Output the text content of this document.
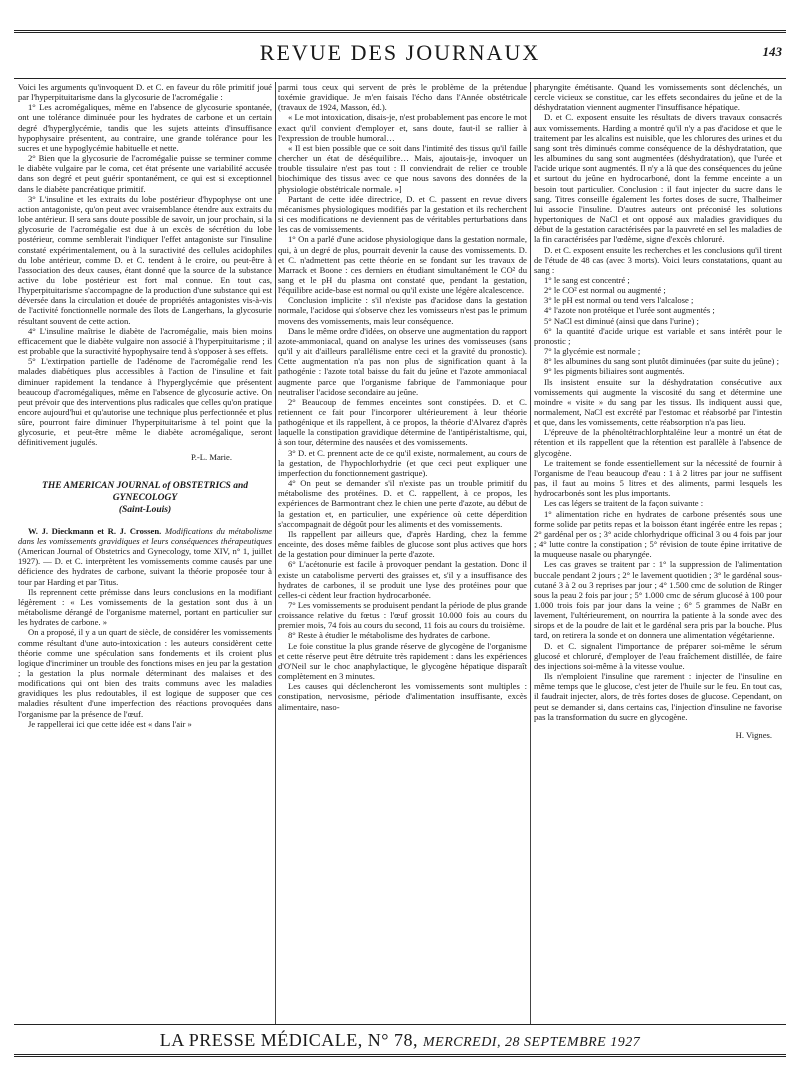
REVUE DES JOURNAUX	143

Voici les arguments qu'invoquent D. et C. en faveur du rôle primitif joué par l'hyperpituitarisme dans la glycosurie de l'acromégalie :

1° Les acromégaliques, même en l'absence de glycosurie spontanée, ont une tolérance diminuée pour les hydrates de carbone et un certain degré d'hyperglycémie, tandis que les sujets atteints d'insuffisance hypophysaire présentent, au contraire, une grande tolérance pour les sucres et une hypoglycémie habituelle et nette.

2° Bien que la glycosurie de l'acromégalie puisse se terminer comme le diabète vulgaire par le coma, cet état présente une variabilité accusée dans son degré et peut guérir spontanément, ce qui est si exceptionnel dans le diabète pancréatique primitif.

3° L'insuline et les extraits du lobe postérieur d'hypophyse ont une action antagoniste, qu'on peut avec vraisemblance étendre aux extraits du lobe antérieur. Il sera sans doute possible de savoir, un jour prochain, si la glycosurie de l'acromégalie est due à un excès de sécrétion du lobe postérieur, comme semblerait l'indiquer l'effet antagoniste sur l'insuline constaté expérimentalement, ou à la suractivité des cellules acidophiles du lobe antérieur, comme D. et C. tendent à le croire, ou peut-être à l'association des deux causes, étant donné que la source de la substance active du lobe postérieur est fort mal connue. En tout cas, l'hyperpituitarisme s'accompagne de la production d'une substance qui est déversée dans la circulation et douée de propriétés antagonistes vis-à-vis de l'activité fonctionnelle normale des îlots de Langerhans, la glycosurie résultant souvent de cette action.

4° L'insuline maîtrise le diabète de l'acromégalie, mais bien moins efficacement que le diabète vulgaire non associé à l'hyperpituitarisme ; il est probable que la suractivité hypophysaire tend à s'opposer à ses effets.

5° L'extirpation partielle de l'adénome de l'acromégalie rend les malades diabétiques plus accessibles à l'action de l'insuline et fait diminuer rapidement la tendance à l'hyperglycémie que présentent beaucoup d'acromégaliques, même en l'absence de glycosurie active. On peut prévoir que des interventions plus radicales que celles qu'on pratique encore aujourd'hui et qu'autorise une technique plus perfectionnée et plus sûre, pourront faire diminuer l'hyperpituitarisme à tel point que la glycosurie, et peut-être même le diabète acromégalique, seront définitivement jugulés.

P.-L. Marie.

THE AMERICAN JOURNAL of OBSTETRICS and GYNECOLOGY

(Saint-Louis)

W. J. Dieckmann et R. J. Crossen. Modifications du métabolisme dans les vomissements gravidiques et leurs conséquences thérapeutiques (American Journal of Obstetrics and Gynecology, tome XIV, n° 1, juillet 1927). — D. et C. interprètent les vomissements comme causés par une déficience des hydrates de carbone, suivant la théorie proposée tour à tour par Harding et par Titus.

Ils reprennent cette prémisse dans leurs conclusions en la modifiant légèrement : « Les vomissements de la gestation sont dus à un métabolisme dérangé de l'organisme maternel, portant en particulier sur les hydrates de carbone. »

On a proposé, il y a un quart de siècle, de considérer les vomissements comme résultant d'une auto-intoxication : les auteurs considèrent cette théorie comme une spéculation sans fondements et ils croient plus logique d'incriminer un trouble des fonctions mises en jeu par la gestation ; la gestation la plus normale déterminant des malaises et des modifications qui ont bien des traits communs avec les maladies gravidiques les plus redoutables, il est logique de supposer que ces maladies résultent d'une imperfection des réactions provoquées dans l'organisme par la présence de l'œuf.

Je rappellerai ici que cette idée est « dans l'air »

parmi tous ceux qui servent de près le problème de la prétendue toxémie gravidique. Je m'en faisais l'écho dans l'Année obstétricale (travaux de 1924, Masson, éd.).

« Le mot intoxication, disais-je, n'est probablement pas encore le mot exact qu'il convient d'employer et, sans doute, faut-il se rallier à l'expression de trouble humoral…

« Il est bien possible que ce soit dans l'intimité des tissus qu'il faille chercher un état de déséquilibre… Mais, ajoutais-je, invoquer un trouble tissulaire n'est pas tout : Il conviendrait de relier ce trouble biochimique des tissus avec ce que nous savons des données de la physiologie obstétricale normale. »]

Partant de cette idée directrice, D. et C. passent en revue divers mécanismes physiologiques modifiés par la gestation et ils recherchent si ces modifications ne deviennent pas de véritables perturbations dans les cas de vomissements.

1° On a parlé d'une acidose physiologique dans la gestation normale, qui, à un degré de plus, pourrait devenir la cause des vomissements. D. et C. n'admettent pas cette théorie en se fondant sur les travaux de Marrack et Boone : ces derniers en étudiant simultanément le CO² du sang et le pH du plasma ont constaté que, pendant la gestation, l'équilibre acide-base est normal ou qu'il existe une légère alcalescence.

Conclusion implicite : s'il n'existe pas d'acidose dans la gestation normale, l'acidose qui s'observe chez les vomisseurs n'est pas le primum movens des vomissements, mais leur conséquence.

Dans le même ordre d'idées, on observe une augmentation du rapport azote-ammoniacal, quand on analyse les urines des vomisseuses (sans qu'il y ait d'ailleurs parallélisme entre ceci et la gravité du pronostic). Cette augmentation n'a pas non plus de signification quant à la pathogénie : l'azote total baisse du fait du jeûne et l'azote ammoniacal augmente parce que l'organisme fabrique de l'ammoniaque pour neutraliser l'acidose secondaire au jeûne.

2° Beaucoup de femmes enceintes sont constipées. D. et C. retiennent ce fait pour l'incorporer ultérieurement à leur théorie pathogénique et ils rappellent, à ce propos, la théorie d'Alvarez d'après laquelle la constipation gravidique détermine de l'antipéristaltisme, qui, à son tour, détermine des nausées et des vomissements.

3° D. et C. prennent acte de ce qu'il existe, normalement, au cours de la gestation, de l'hypochlorhydrie (et que ceci peut expliquer une imperfection du fonctionnement gastrique).

4° On peut se demander s'il n'existe pas un trouble primitif du métabolisme des protéines. D. et C. rappellent, à ce propos, les expériences de Barmontrant chez le chien une perte d'azote, au début de la gestation et, en particulier, une expérience où cette déperdition s'accompagnait de dégoût pour les aliments et des vomissements.

Ils rappellent par ailleurs que, d'après Harding, chez la femme enceinte, des doses même faibles de glucose sont plus actives que hors de la gestation pour diminuer la perte d'azote.

6° L'acétonurie est facile à provoquer pendant la gestation. Donc il existe un catabolisme perverti des graisses et, s'il y a insuffisance des hydrates de carbones, il se produit une lyse des protéines pour que celles-ci cèdent leur fraction hydrocarbonée.

7° Les vomissements se produisent pendant la période de plus grande croissance relative du fœtus : l'œuf grossit 10.000 fois au cours du premier mois, 74 fois au cours du second, 11 fois au cours du troisième.

8° Reste à étudier le métabolisme des hydrates de carbone.

Le foie constitue la plus grande réserve de glycogène de l'organisme et cette réserve peut être détruite très rapidement : dans les expériences d'O'Neil sur le choc anaphylactique, le glycogène hépatique disparaît complètement en 3 minutes.

Les causes qui déclencheront les vomissements sont multiples : constipation, nervosisme, période d'alimentation insuffisante, excès alimentaire, naso-

pharyngite émétisante. Quand les vomissements sont déclenchés, un cercle vicieux se constitue, car les effets secondaires du jeûne et de la déshydratation viennent augmenter l'insuffisance hépatique.

D. et C. exposent ensuite les résultats de divers travaux consacrés aux vomissements. Harding a montré qu'il n'y a pas d'acidose et que le traitement par les alcalins est nuisible, que les chlorures des urines et du sang sont très diminués comme conséquence de la déshydratation, que les albumines du sang sont augmentées (déshydratation), que l'urée et l'acide urique sont augmentés. Il n'y a là que des conséquences du jeûne et surtout du jeûne en hydrocarboné, dont la femme enceinte a un besoin tout particulier. Conclusion : il faut injecter du sucre dans le sang. Titres conseille également les fortes doses de sucre, Thalheimer lui associe l'insuline. D'autres auteurs ont préconisé les solutions hypertoniques de NaCl et ont opposé aux maladies gravidiques du début de la gestation caractérisées par la pauvreté en sel les maladies de la fin caractérisées par l'œdème, signe d'excès chloruré.

D. et C. exposent ensuite les recherches et les conclusions qu'il tirent de l'étude de 48 cas (avec 3 morts). Voici leurs constatations, quant au sang :

1° le sang est concentré ;

2° le CO² est normal ou augmenté ;

3° le pH est normal ou tend vers l'alcalose ;

4° l'azote non protéique et l'urée sont augmentés ;

5° NaCl est diminué (ainsi que dans l'urine) ;

6° la quantité d'acide urique est variable et sans intérêt pour le pronostic ;

7° la glycémie est normale ;

8° les albumines du sang sont plutôt diminuées (par suite du jeûne) ;

9° les pigments biliaires sont augmentés.

Ils insistent ensuite sur la déshydratation consécutive aux vomissements qui augmente la viscosité du sang et détermine une moindre « visite » du sang par les tissus. Ils indiquent aussi que, normalement, NaCl est excrété par l'estomac et réabsorbé par l'intestin et que, dans les vomissements, cette réabsorption n'a pas lieu.

L'épreuve de la phénoltétrachlorphtaléine leur a montré un état de rétention et ils rappellent que la rétention est parallèle à l'absence de glycogène.

Le traitement se fonde essentiellement sur la nécessité de fournir à l'organisme de l'eau beaucoup d'eau : 1 à 2 litres par jour ne suffisent pas, il faut au moins 5 litres et des aliments, parmi lesquels les hydrocarbonés sont les plus importants.

Les cas légers se traitent de la façon suivante :

1° alimentation riche en hydrates de carbone présentés sous une forme solide par petits repas et la boisson étant ingérée entre les repas ; 2° gardénal per os ; 3° acide chlorhydrique officinal 3 ou 4 fois par jour ; 4° lutte contre la constipation ; 5° révision de toute épine irritative de la muqueuse nasale ou pharyngée.

Les cas graves se traitent par : 1° la suppression de l'alimentation buccale pendant 2 jours ; 2° le lavement quotidien ; 3° le gardénal sous-cutané 3 à 2 ou 3 reprises par jour ; 4° 1.500 cmc de solution de Ringer sous la peau 2 fois par jour ; 5° 1.000 cmc de sérum glucosé à 100 pour 1.000 trois fois par jour dans la veine ; 6° 5 grammes de NaBr en lavement, l'ultérieurement, on nourrira la patiente à la sonde avec des sirops et de la poudre de lait et le gardénal sera pris par la bouche. Plus tard, on retirera la sonde et on donnera une alimentation végétarienne.

D. et C. signalent l'importance de préparer soi-même le sérum glucosé et chloruré, d'employer de l'eau fraîchement distillée, de faire des injections soi-même à la vitesse voulue.

Ils n'emploient l'insuline que rarement : injecter de l'insuline en même temps que le glucose, c'est jeter de l'huile sur le feu. En tout cas, il faudrait injecter, alors, de très fortes doses de glucose. Cependant, on peut se demander si, dans certains cas, l'injection d'insuline ne favorise pas la transformation du sucre en glycogène.

H. Vignes.

LA PRESSE MÉDICALE, N° 78, MERCREDI, 28 SEPTEMBRE 1927
